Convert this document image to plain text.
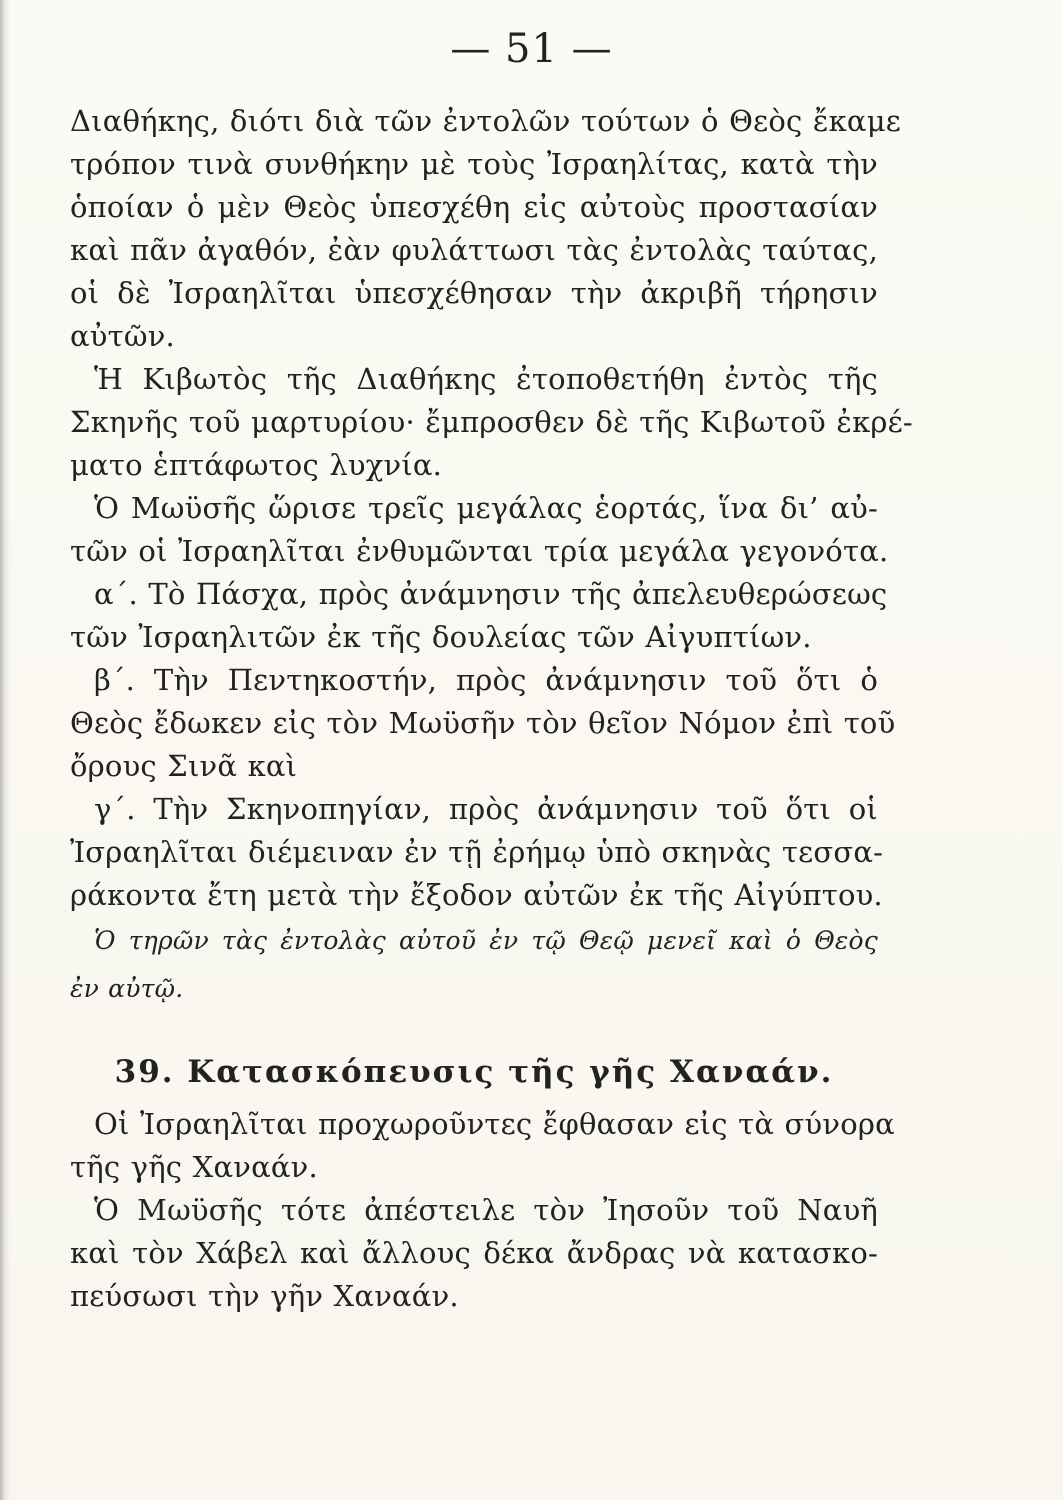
— 51 —
Διαθήκης, διότι διὰ τῶν ἐντολῶν τούτων ὁ Θεὸς ἔκαμε
τρόπον τινὰ συνθήκην μὲ τοὺς Ἰσραηλίτας, κατὰ τὴν
ὁποίαν ὁ μὲν Θεὸς ὑπεσχέθη εἰς αὐτοὺς προστασίαν
καὶ πᾶν ἀγαθόν, ἐὰν φυλάττωσι τὰς ἐντολὰς ταύτας,
οἱ δὲ Ἰσραηλῖται ὑπεσχέθησαν τὴν ἀκριβῆ τήρησιν
αὐτῶν.
Ἡ Κιβωτὸς τῆς Διαθήκης ἐτοποθετήθη ἐντὸς τῆς
Σκηνῆς τοῦ μαρτυρίου· ἔμπροσθεν δὲ τῆς Κιβωτοῦ ἐκρέ-
ματο ἑπτάφωτος λυχνία.
Ὁ Μωϋσῆς ὥρισε τρεῖς μεγάλας ἑορτάς, ἵνα δι’ αὐ-
τῶν οἱ Ἰσραηλῖται ἐνθυμῶνται τρία μεγάλα γεγονότα.
α΄. Τὸ Πάσχα, πρὸς ἀνάμνησιν τῆς ἀπελευθερώσεως
τῶν Ἰσραηλιτῶν ἐκ τῆς δουλείας τῶν Αἰγυπτίων.
β΄. Τὴν Πεντηκοστήν, πρὸς ἀνάμνησιν τοῦ ὅτι ὁ
Θεὸς ἔδωκεν εἰς τὸν Μωϋσῆν τὸν θεῖον Νόμον ἐπὶ τοῦ
ὄρους Σινᾶ καὶ
γ΄. Τὴν Σκηνοπηγίαν, πρὸς ἀνάμνησιν τοῦ ὅτι οἱ
Ἰσραηλῖται διέμειναν ἐν τῇ ἐρήμῳ ὑπὸ σκηνὰς τεσσα-
ράκοντα ἔτη μετὰ τὴν ἔξοδον αὐτῶν ἐκ τῆς Αἰγύπτου.
Ὁ τηρῶν τὰς ἐντολὰς αὐτοῦ ἐν τῷ Θεῷ μενεῖ καὶ ὁ Θεὸς
ἐν αὐτῷ.
39. Κατασκόπευσις τῆς γῆς Χαναάν.
Οἱ Ἰσραηλῖται προχωροῦντες ἔφθασαν εἰς τὰ σύνορα
τῆς γῆς Χαναάν.
Ὁ Μωϋσῆς τότε ἀπέστειλε τὸν Ἰησοῦν τοῦ Ναυῆ
καὶ τὸν Χάβελ καὶ ἄλλους δέκα ἄνδρας νὰ κατασκο-
πεύσωσι τὴν γῆν Χαναάν.
